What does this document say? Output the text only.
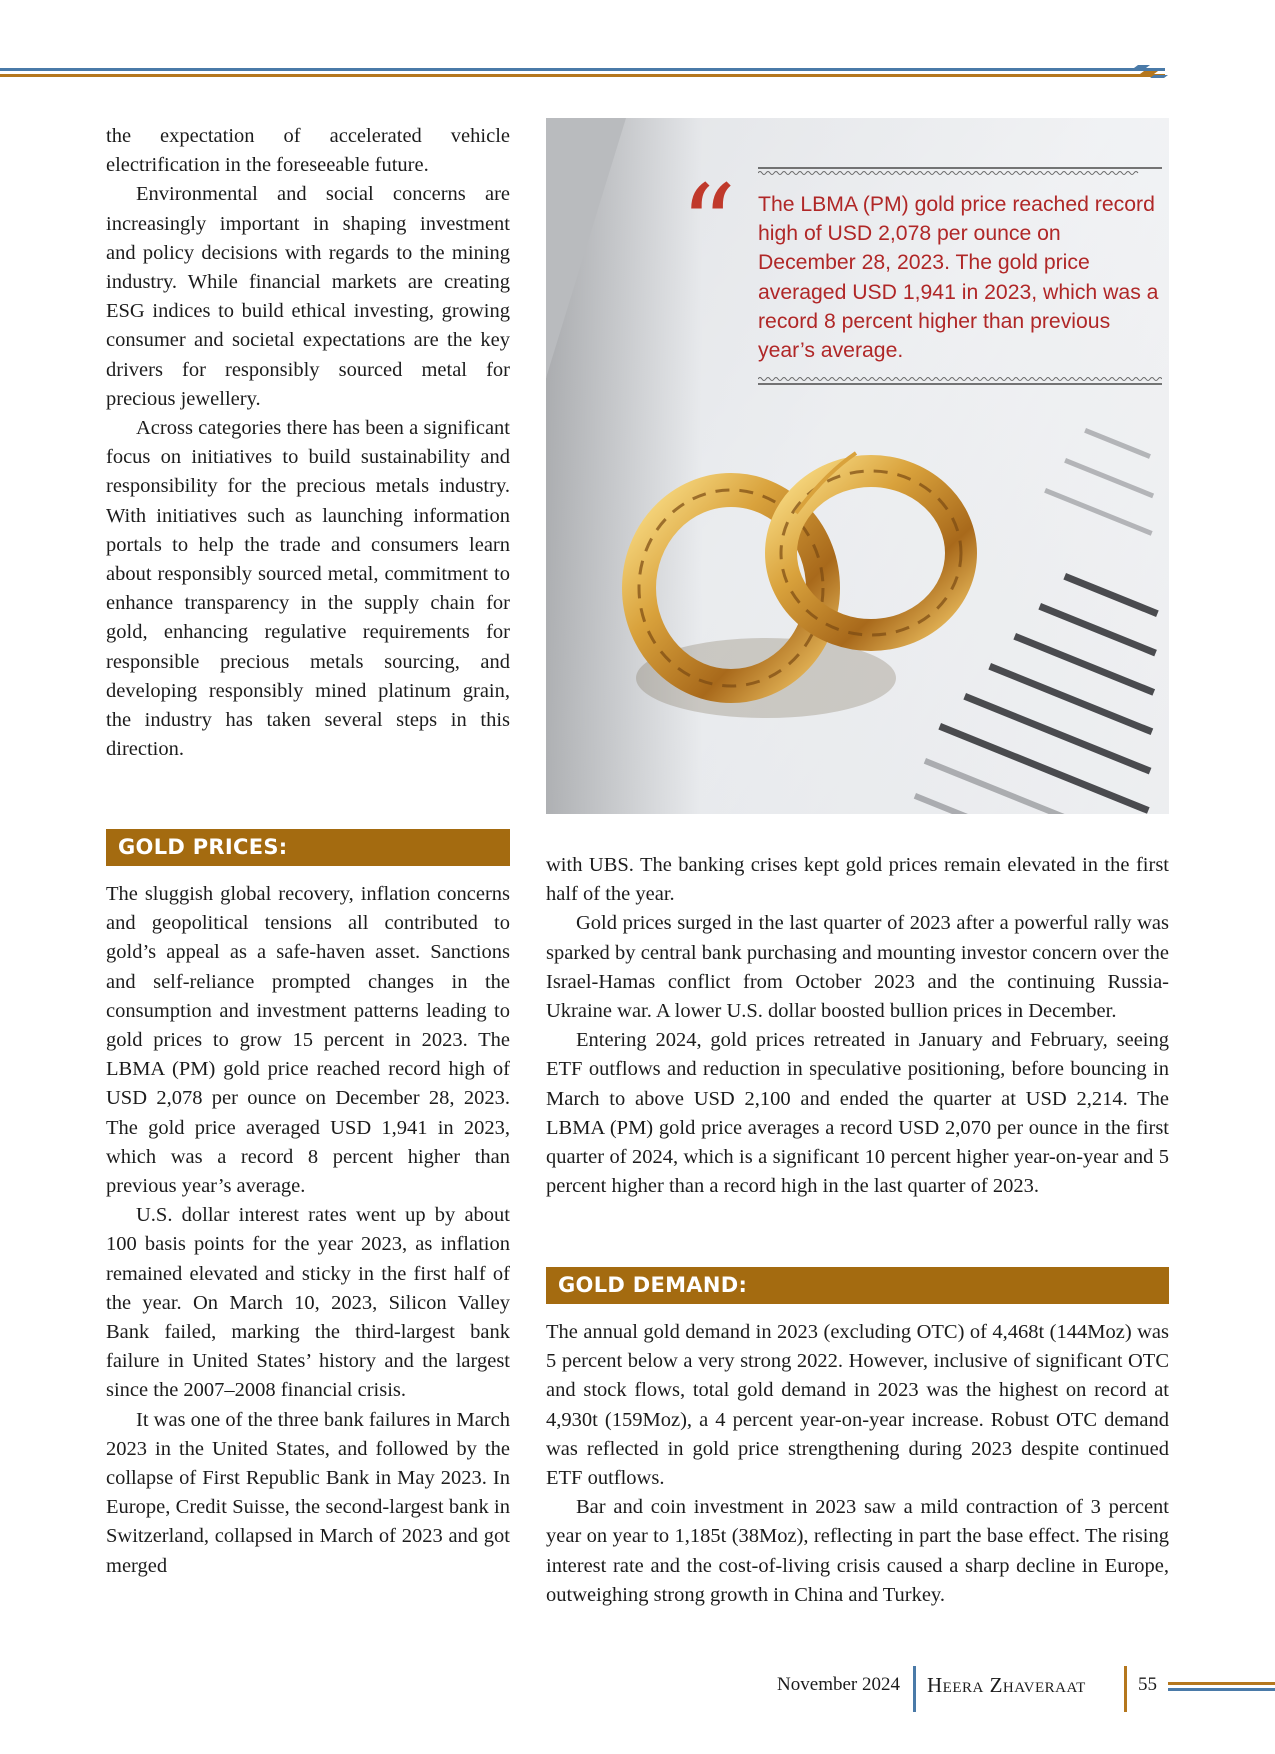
the expectation of accelerated vehicle electrification in the foreseeable future.

Environmental and social concerns are increasingly important in shaping investment and policy decisions with regards to the mining industry. While financial markets are creating ESG indices to build ethical investing, growing consumer and societal expectations are the key drivers for responsibly sourced metal for precious jewellery.

Across categories there has been a significant focus on initiatives to build sustainability and responsibility for the precious metals industry. With initiatives such as launching information portals to help the trade and consumers learn about responsibly sourced metal, commitment to enhance transparency in the supply chain for gold, enhancing regulative requirements for responsible precious metals sourcing, and developing responsibly mined platinum grain, the industry has taken several steps in this direction.

GOLD PRICES:

The sluggish global recovery, inflation concerns and geopolitical tensions all contributed to gold’s appeal as a safe-haven asset. Sanctions and self-reliance prompted changes in the consumption and investment patterns leading to gold prices to grow 15 percent in 2023. The LBMA (PM) gold price reached record high of USD 2,078 per ounce on December 28, 2023. The gold price averaged USD 1,941 in 2023, which was a record 8 percent higher than previous year’s average.

U.S. dollar interest rates went up by about 100 basis points for the year 2023, as inflation remained elevated and sticky in the first half of the year. On March 10, 2023, Silicon Valley Bank failed, marking the third-largest bank failure in United States’ history and the largest since the 2007–2008 financial crisis.

It was one of the three bank failures in March 2023 in the United States, and followed by the collapse of First Republic Bank in May 2023. In Europe, Credit Suisse, the second-largest bank in Switzerland, collapsed in March of 2023 and got merged

“ The LBMA (PM) gold price reached record high of USD 2,078 per ounce on December 28, 2023. The gold price averaged USD 1,941 in 2023, which was a record 8 percent higher than previous year’s average.

with UBS. The banking crises kept gold prices remain elevated in the first half of the year.

Gold prices surged in the last quarter of 2023 after a powerful rally was sparked by central bank purchasing and mounting investor concern over the Israel-Hamas conflict from October 2023 and the continuing Russia-Ukraine war. A lower U.S. dollar boosted bullion prices in December.

Entering 2024, gold prices retreated in January and February, seeing ETF outflows and reduction in speculative positioning, before bouncing in March to above USD 2,100 and ended the quarter at USD 2,214. The LBMA (PM) gold price averages a record USD 2,070 per ounce in the first quarter of 2024, which is a significant 10 percent higher year-on-year and 5 percent higher than a record high in the last quarter of 2023.

GOLD DEMAND:

The annual gold demand in 2023 (excluding OTC) of 4,468t (144Moz) was 5 percent below a very strong 2022. However, inclusive of significant OTC and stock flows, total gold demand in 2023 was the highest on record at 4,930t (159Moz), a 4 percent year-on-year increase. Robust OTC demand was reflected in gold price strengthening during 2023 despite continued ETF outflows.

Bar and coin investment in 2023 saw a mild contraction of 3 percent year on year to 1,185t (38Moz), reflecting in part the base effect. The rising interest rate and the cost-of-living crisis caused a sharp decline in Europe, outweighing strong growth in China and Turkey.

November 2024 Heera Zhaveraat	55
